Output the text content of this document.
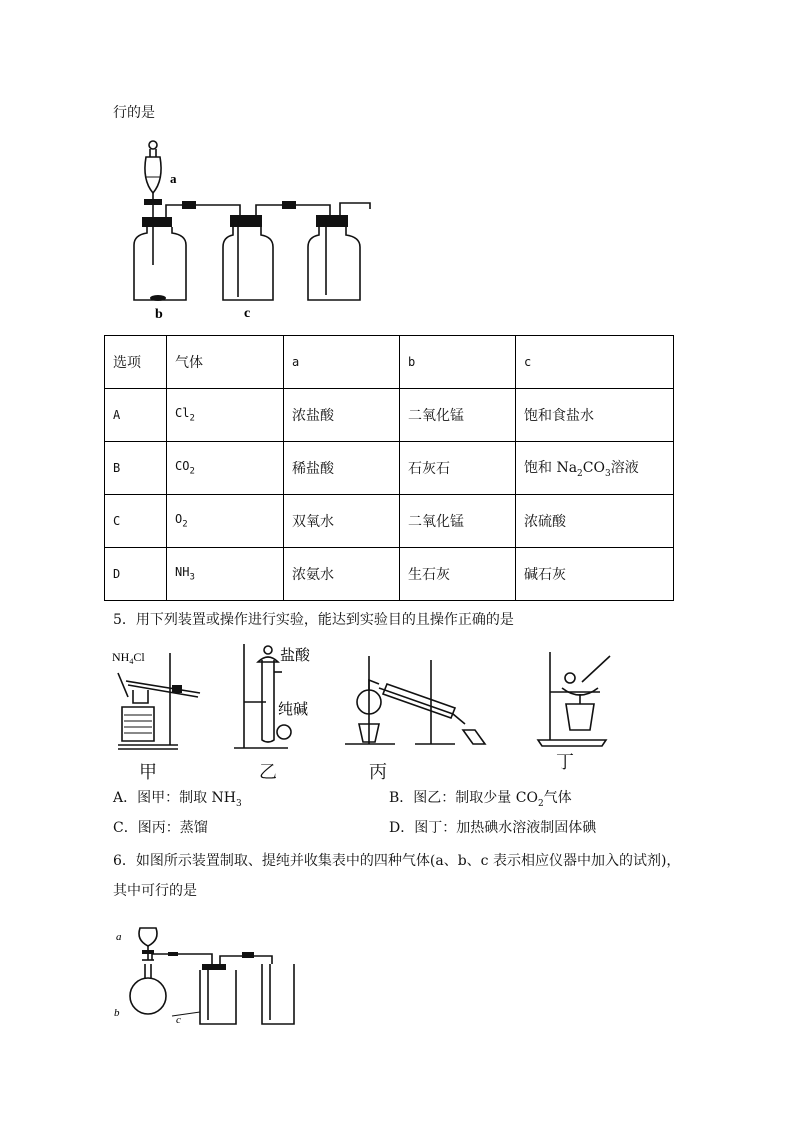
行的是
a
b	c
选项	气体	a	b	c
A	$Cl_2$	浓盐酸	二氧化锰	饱和食盐水
B	$CO_2$	稀盐酸	石灰石	饱和 $Na_2CO_3$溶液
C	$O_2$	双氧水	二氧化锰	浓硫酸
D	$NH_3$	浓氨水	生石灰	碱石灰
5．用下列装置或操作进行实验，能达到实验目的且操作正确的是
$NH_4Cl$
甲
盐酸
纯碱
乙	丙	丁
A．图甲：制取 $NH_3$	B．图乙：制取少量 $CO_2$气体
C．图丙：蒸馏	D．图丁：加热碘水溶液制固体碘
6．如图所示装置制取、提纯并收集表中的四种气体(a、b、c 表示相应仪器中加入的试剂)，
其中可行的是
a
b
c
